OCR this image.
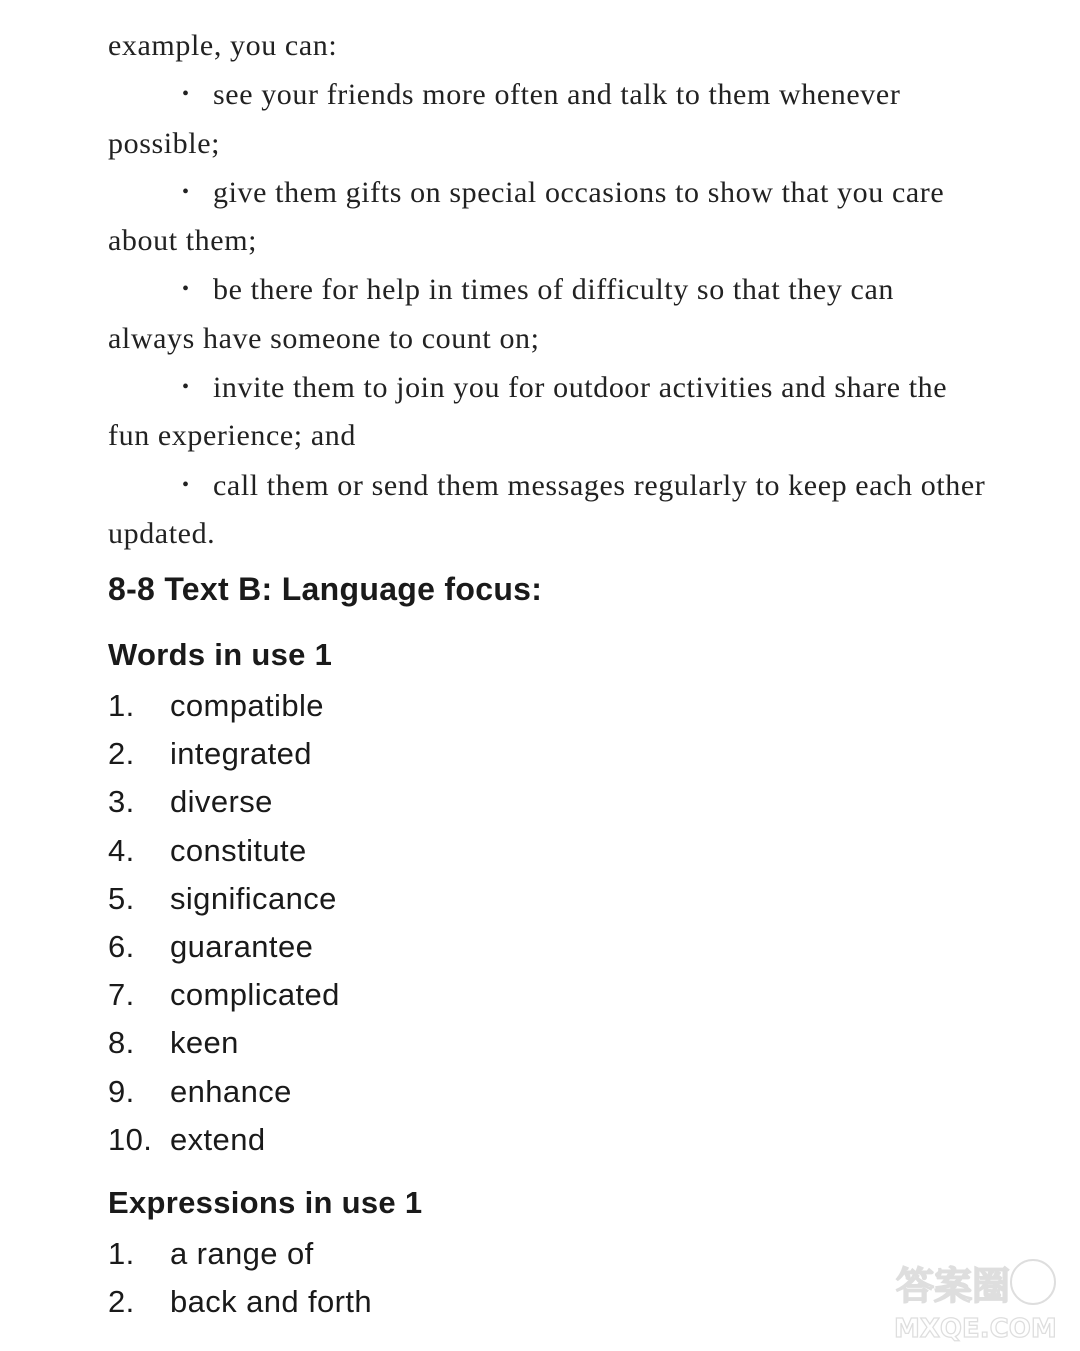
example, you can:

• see your friends more often and talk to them whenever possible;

• give them gifts on special occasions to show that you care about them;

• be there for help in times of difficulty so that they can always have someone to count on;

• invite them to join you for outdoor activities and share the fun experience; and

• call them or send them messages regularly to keep each other updated.

8-8 Text B: Language focus:
Words in use 1
1. compatible
2. integrated
3. diverse
4. constitute
5. significance
6. guarantee
7. complicated
8. keen
9. enhance
10. extend
Expressions in use 1
1. a range of
2. back and forth	答案圈
MXQE.COM
